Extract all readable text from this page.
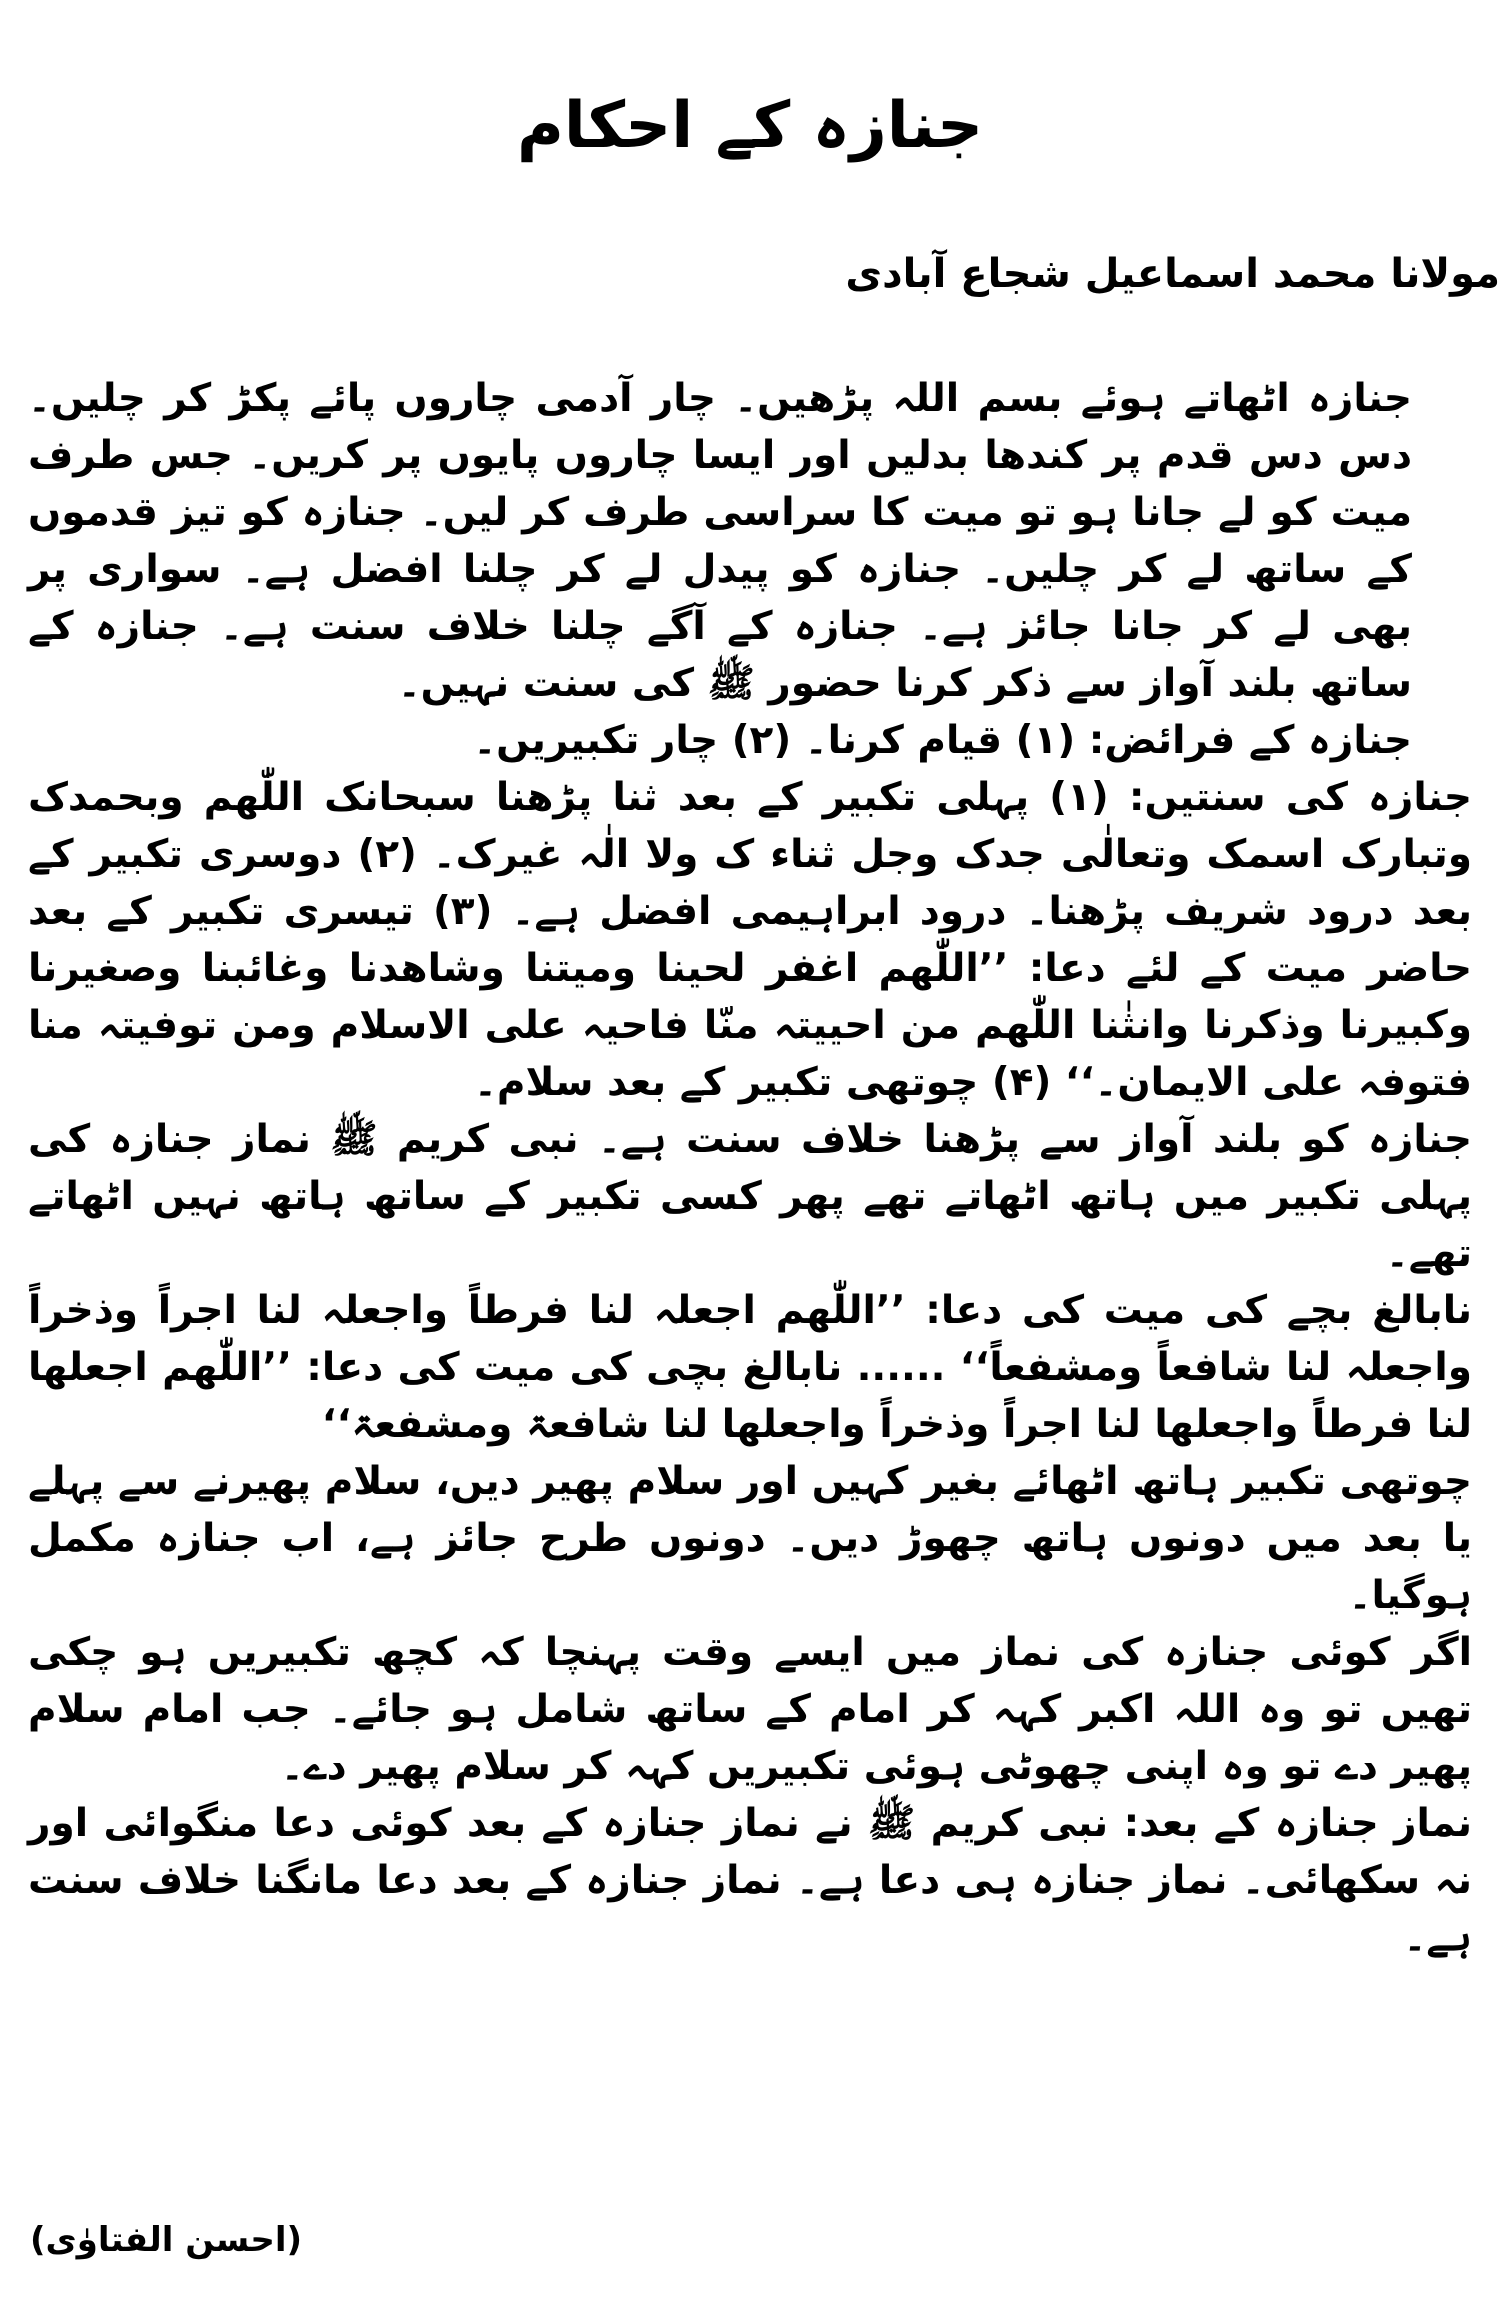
جنازہ کے احکام
مولانا محمد اسماعیل شجاع آبادی

جنازہ اٹھاتے ہوئے بسم اللہ پڑھیں۔ چار آدمی چاروں پائے پکڑ کر چلیں۔ دس دس قدم پر کندھا بدلیں اور ایسا چاروں پایوں پر کریں۔ جس طرف میت کو لے جانا ہو تو میت کا سراسی طرف کر لیں۔ جنازہ کو تیز قدموں کے ساتھ لے کر چلیں۔ جنازہ کو پیدل لے کر چلنا افضل ہے۔ سواری پر بھی لے کر جانا جائز ہے۔ جنازہ کے آگے چلنا خلاف سنت ہے۔ جنازہ کے ساتھ بلند آواز سے ذکر کرنا حضور ﷺ کی سنت نہیں۔

جنازہ کے فرائض: (۱) قیام کرنا۔ (۲) چار تکبیریں۔

جنازہ کی سنتیں: (۱) پہلی تکبیر کے بعد ثنا پڑھنا سبحانک اللّٰھم وبحمدک وتبارک اسمک وتعالٰی جدک وجل ثناء ک ولا الٰہ غیرک۔ (۲) دوسری تکبیر کے بعد درود شریف پڑھنا۔ درود ابراہیمی افضل ہے۔ (۳) تیسری تکبیر کے بعد حاضر میت کے لئے دعا: ’’اللّٰھم اغفر لحینا ومیتنا وشاھدنا وغائبنا وصغیرنا وکبیرنا وذکرنا وانثٰنا اللّٰھم من احییتہ منّا فاحیہ علی الاسلام ومن توفیتہ منا فتوفہ علی الایمان۔‘‘ (۴) چوتھی تکبیر کے بعد سلام۔

جنازہ کو بلند آواز سے پڑھنا خلاف سنت ہے۔ نبی کریم ﷺ نماز جنازہ کی پہلی تکبیر میں ہاتھ اٹھاتے تھے پھر کسی تکبیر کے ساتھ ہاتھ نہیں اٹھاتے تھے۔

نابالغ بچے کی میت کی دعا: ’’اللّٰھم اجعلہ لنا فرطاً واجعلہ لنا اجراً وذخراً واجعلہ لنا شافعاً ومشفعاً‘‘ ...... نابالغ بچی کی میت کی دعا: ’’اللّٰھم اجعلھا لنا فرطاً واجعلھا لنا اجراً وذخراً واجعلھا لنا شافعۃ ومشفعۃ‘‘

چوتھی تکبیر ہاتھ اٹھائے بغیر کہیں اور سلام پھیر دیں، سلام پھیرنے سے پہلے یا بعد میں دونوں ہاتھ چھوڑ دیں۔ دونوں طرح جائز ہے، اب جنازہ مکمل ہوگیا۔

اگر کوئی جنازہ کی نماز میں ایسے وقت پہنچا کہ کچھ تکبیریں ہو چکی تھیں تو وہ اللہ اکبر کہہ کر امام کے ساتھ شامل ہو جائے۔ جب امام سلام پھیر دے تو وہ اپنی چھوٹی ہوئی تکبیریں کہہ کر سلام پھیر دے۔

نماز جنازہ کے بعد: نبی کریم ﷺ نے نماز جنازہ کے بعد کوئی دعا منگوائی اور نہ سکھائی۔ نماز جنازہ ہی دعا ہے۔ نماز جنازہ کے بعد دعا مانگنا خلاف سنت ہے۔

(احسن الفتاوٰی)
